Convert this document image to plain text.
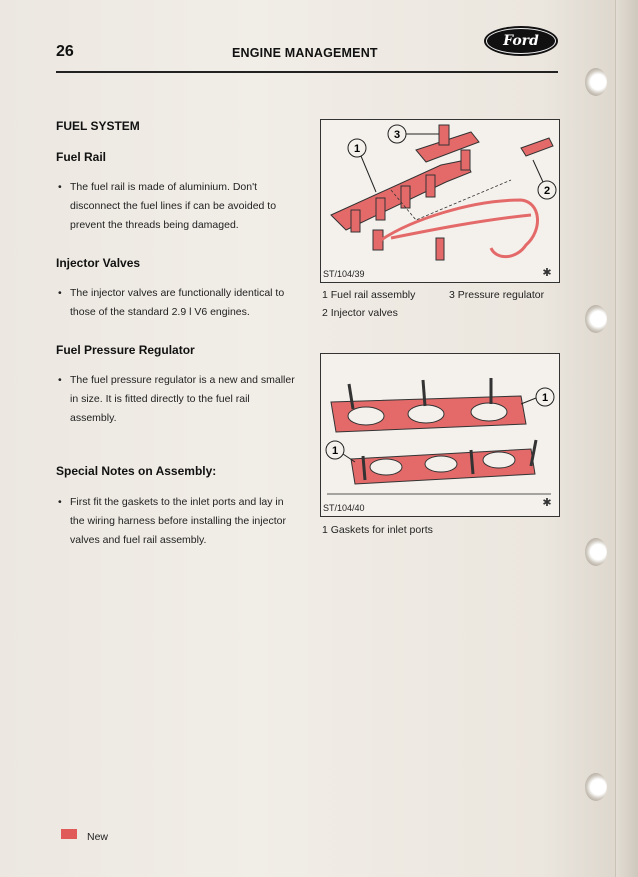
26	ENGINE MANAGEMENT
Ford
FUEL SYSTEM
Fuel Rail
• The fuel rail is made of aluminium. Don't disconnect the fuel lines if can be avoided to prevent the threads being damaged.
Injector Valves
• The injector valves are functionally identical to those of the standard 2.9 l V6 engines.
Fuel Pressure Regulator
• The fuel pressure regulator is a new and smaller in size. It is fitted directly to the fuel rail assembly.
Special Notes on Assembly:
• First fit the gaskets to the inlet ports and lay in the wiring harness before installing the injector valves and fuel rail assembly.
1
2
3
✱
ST/104/39
1 Fuel rail assembly	3 Pressure regulator
2 Injector valves
1
1
✱
ST/104/40
1 Gaskets for inlet ports
New
